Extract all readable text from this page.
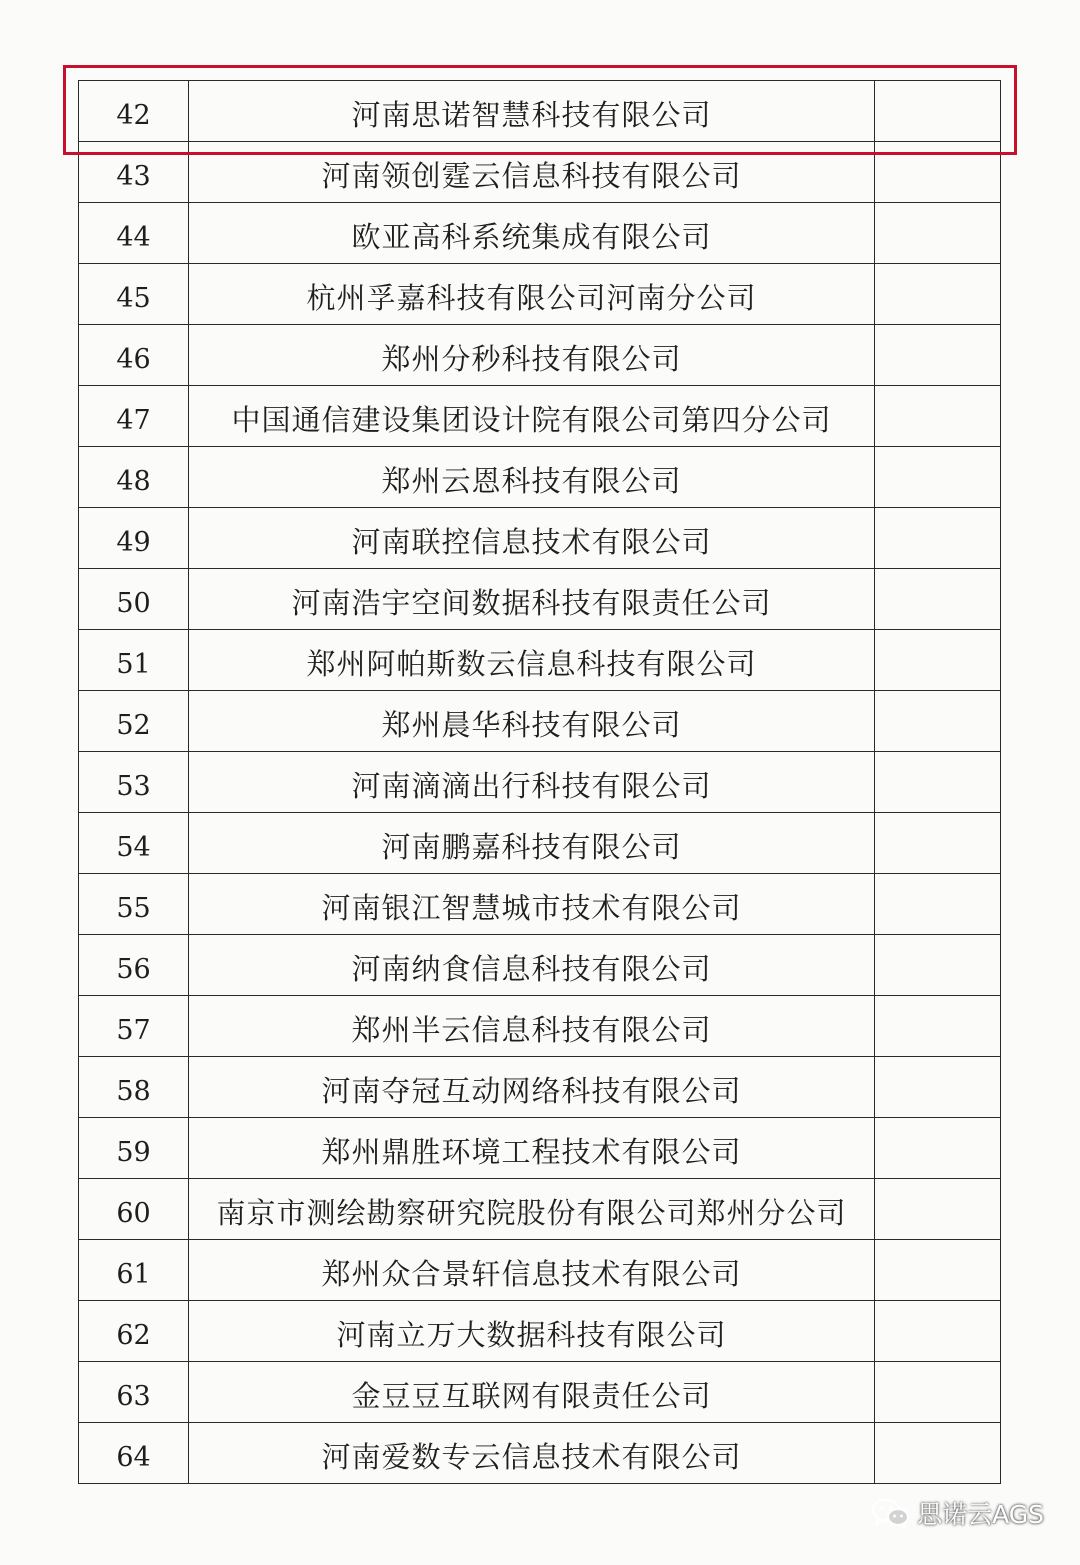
42	河南思诺智慧科技有限公司	
43	河南领创霆云信息科技有限公司	
44	欧亚高科系统集成有限公司	
45	杭州孚嘉科技有限公司河南分公司	
46	郑州分秒科技有限公司	
47	中国通信建设集团设计院有限公司第四分公司	
48	郑州云恩科技有限公司	
49	河南联控信息技术有限公司	
50	河南浩宇空间数据科技有限责任公司	
51	郑州阿帕斯数云信息科技有限公司	
52	郑州晨华科技有限公司	
53	河南滴滴出行科技有限公司	
54	河南鹏嘉科技有限公司	
55	河南银江智慧城市技术有限公司	
56	河南纳食信息科技有限公司	
57	郑州半云信息科技有限公司	
58	河南夺冠互动网络科技有限公司	
59	郑州鼎胜环境工程技术有限公司	
60	南京市测绘勘察研究院股份有限公司郑州分公司	
61	郑州众合景轩信息技术有限公司	
62	河南立万大数据科技有限公司	
63	金豆豆互联网有限责任公司	
64	河南爱数专云信息技术有限公司	
思诺云AGS
